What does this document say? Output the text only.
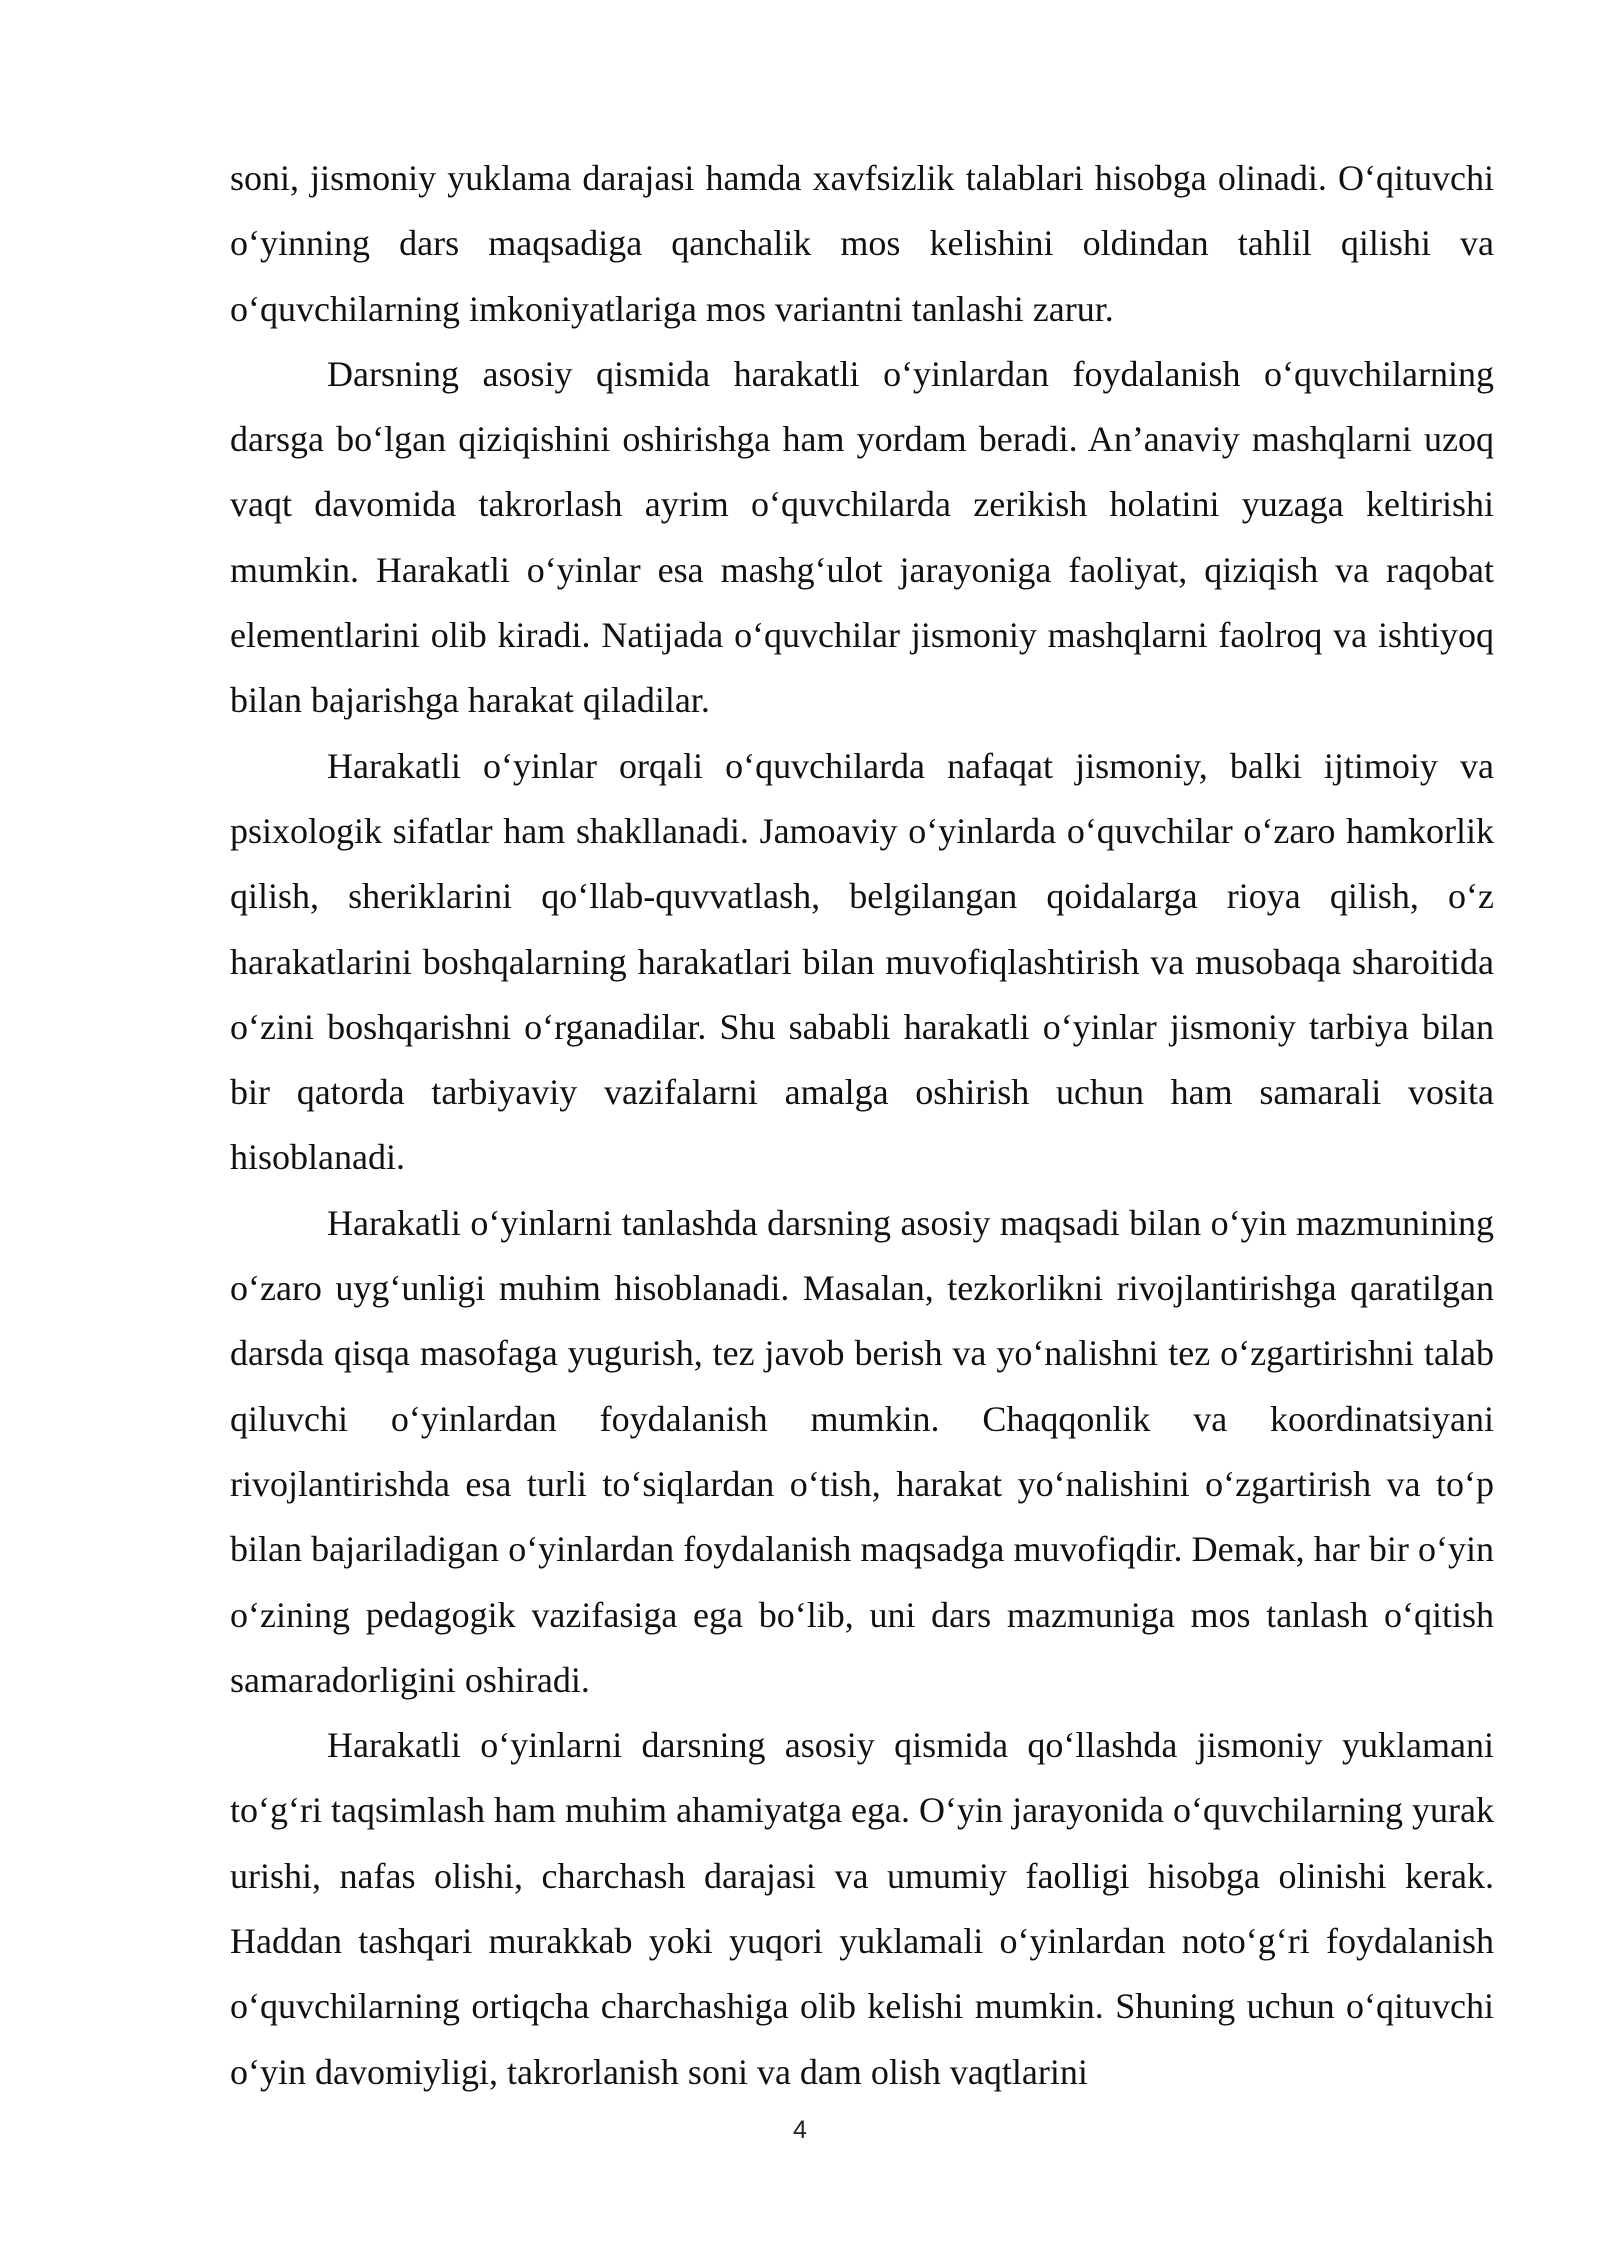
soni, jismoniy yuklama darajasi hamda xavfsizlik talablari hisobga olinadi. O‘qituvchi o‘yinning dars maqsadiga qanchalik mos kelishini oldindan tahlil qilishi va o‘quvchilarning imkoniyatlariga mos variantni tanlashi zarur.

Darsning asosiy qismida harakatli o‘yinlardan foydalanish o‘quvchilarning darsga bo‘lgan qiziqishini oshirishga ham yordam beradi. An’anaviy mashqlarni uzoq vaqt davomida takrorlash ayrim o‘quvchilarda zerikish holatini yuzaga keltirishi mumkin. Harakatli o‘yinlar esa mashg‘ulot jarayoniga faoliyat, qiziqish va raqobat elementlarini olib kiradi. Natijada o‘quvchilar jismoniy mashqlarni faolroq va ishtiyoq bilan bajarishga harakat qiladilar.

Harakatli o‘yinlar orqali o‘quvchilarda nafaqat jismoniy, balki ijtimoiy va psixologik sifatlar ham shakllanadi. Jamoaviy o‘yinlarda o‘quvchilar o‘zaro hamkorlik qilish, sheriklarini qo‘llab-quvvatlash, belgilangan qoidalarga rioya qilish, o‘z harakatlarini boshqalarning harakatlari bilan muvofiqlashtirish va musobaqa sharoitida o‘zini boshqarishni o‘rganadilar. Shu sababli harakatli o‘yinlar jismoniy tarbiya bilan bir qatorda tarbiyaviy vazifalarni amalga oshirish uchun ham samarali vosita hisoblanadi.

Harakatli o‘yinlarni tanlashda darsning asosiy maqsadi bilan o‘yin mazmunining o‘zaro uyg‘unligi muhim hisoblanadi. Masalan, tezkorlikni rivojlantirishga qaratilgan darsda qisqa masofaga yugurish, tez javob berish va yo‘nalishni tez o‘zgartirishni talab qiluvchi o‘yinlardan foydalanish mumkin. Chaqqonlik va koordinatsiyani rivojlantirishda esa turli to‘siqlardan o‘tish, harakat yo‘nalishini o‘zgartirish va to‘p bilan bajariladigan o‘yinlardan foydalanish maqsadga muvofiqdir. Demak, har bir o‘yin o‘zining pedagogik vazifasiga ega bo‘lib, uni dars mazmuniga mos tanlash o‘qitish samaradorligini oshiradi.

Harakatli o‘yinlarni darsning asosiy qismida qo‘llashda jismoniy yuklamani to‘g‘ri taqsimlash ham muhim ahamiyatga ega. O‘yin jarayonida o‘quvchilarning yurak urishi, nafas olishi, charchash darajasi va umumiy faolligi hisobga olinishi kerak. Haddan tashqari murakkab yoki yuqori yuklamali o‘yinlardan noto‘g‘ri foydalanish o‘quvchilarning ortiqcha charchashiga olib kelishi mumkin. Shuning uchun o‘qituvchi o‘yin davomiyligi, takrorlanish soni va dam olish vaqtlarini

4
